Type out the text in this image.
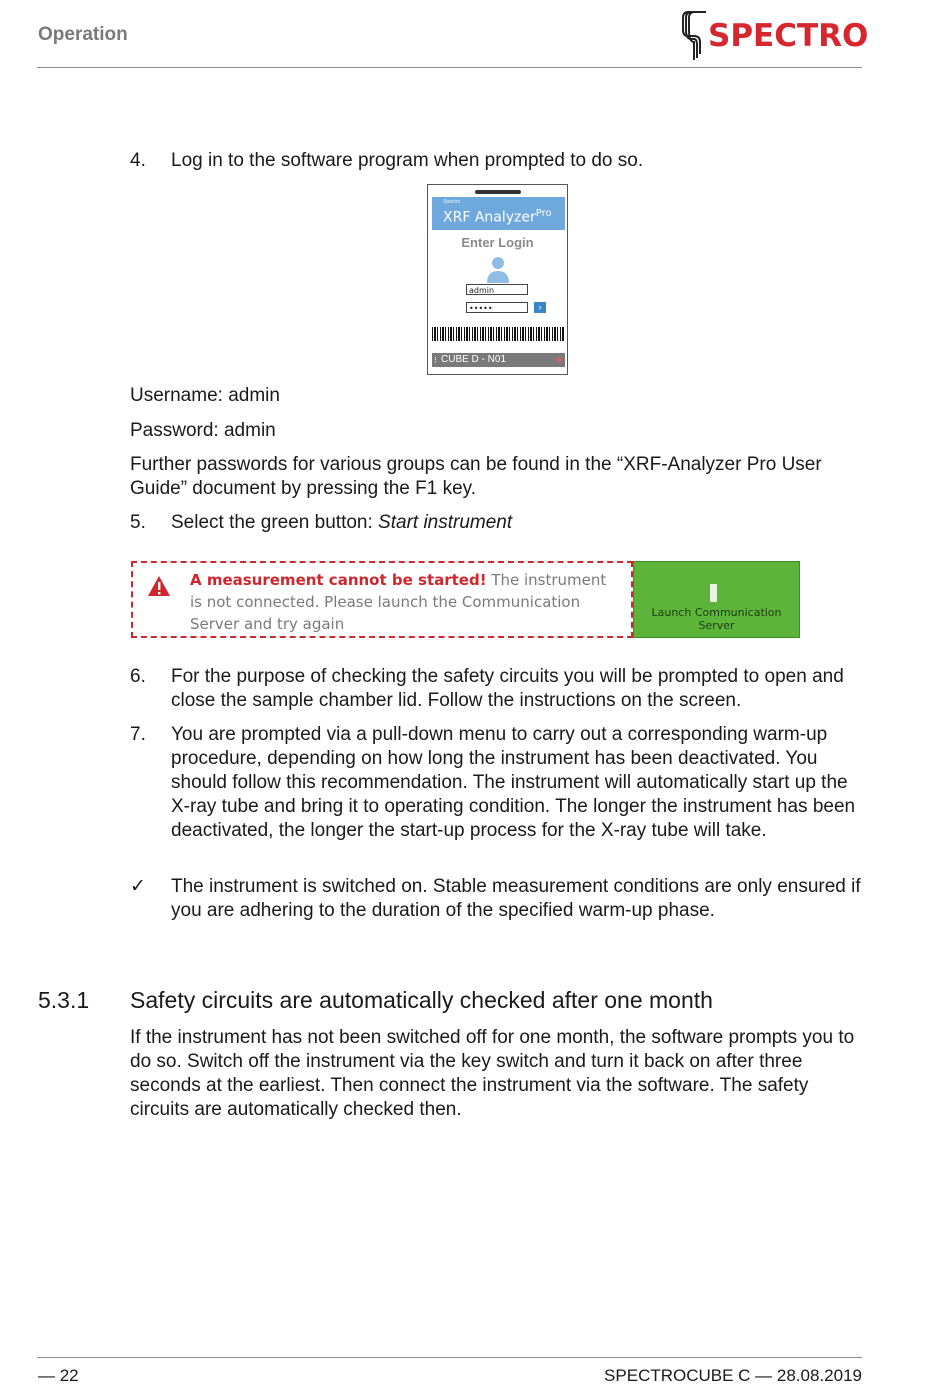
Operation	SPECTRO
4. Log in to the software program when prompted to do so.
Spectro
XRF Analyzer$^{Pro}$
Enter Login
admin
•••••	›
⁝ CUBE D - N01	✚
Username: admin
Password: admin
Further passwords for various groups can be found in the “XRF-Analyzer Pro User Guide” document by pressing the F1 key.
5. Select the green button: Start instrument
A measurement cannot be started! The instrument is not connected. Please launch the Communication Server and try again
Launch Communication Server
6. For the purpose of checking the safety circuits you will be prompted to open and close the sample chamber lid. Follow the instructions on the screen.
7. You are prompted via a pull-down menu to carry out a corresponding warm-up procedure, depending on how long the instrument has been deactivated. You should follow this recommendation. The instrument will automatically start up the X-ray tube and bring it to operating condition. The longer the instrument has been deactivated, the longer the start-up process for the X-ray tube will take.
✓ The instrument is switched on. Stable measurement conditions are only ensured if you are adhering to the duration of the specified warm-up phase.
5.3.1 Safety circuits are automatically checked after one month
If the instrument has not been switched off for one month, the software prompts you to do so. Switch off the instrument via the key switch and turn it back on after three seconds at the earliest. Then connect the instrument via the software. The safety circuits are automatically checked then.
— 22	SPECTROCUBE C — 28.08.2019
